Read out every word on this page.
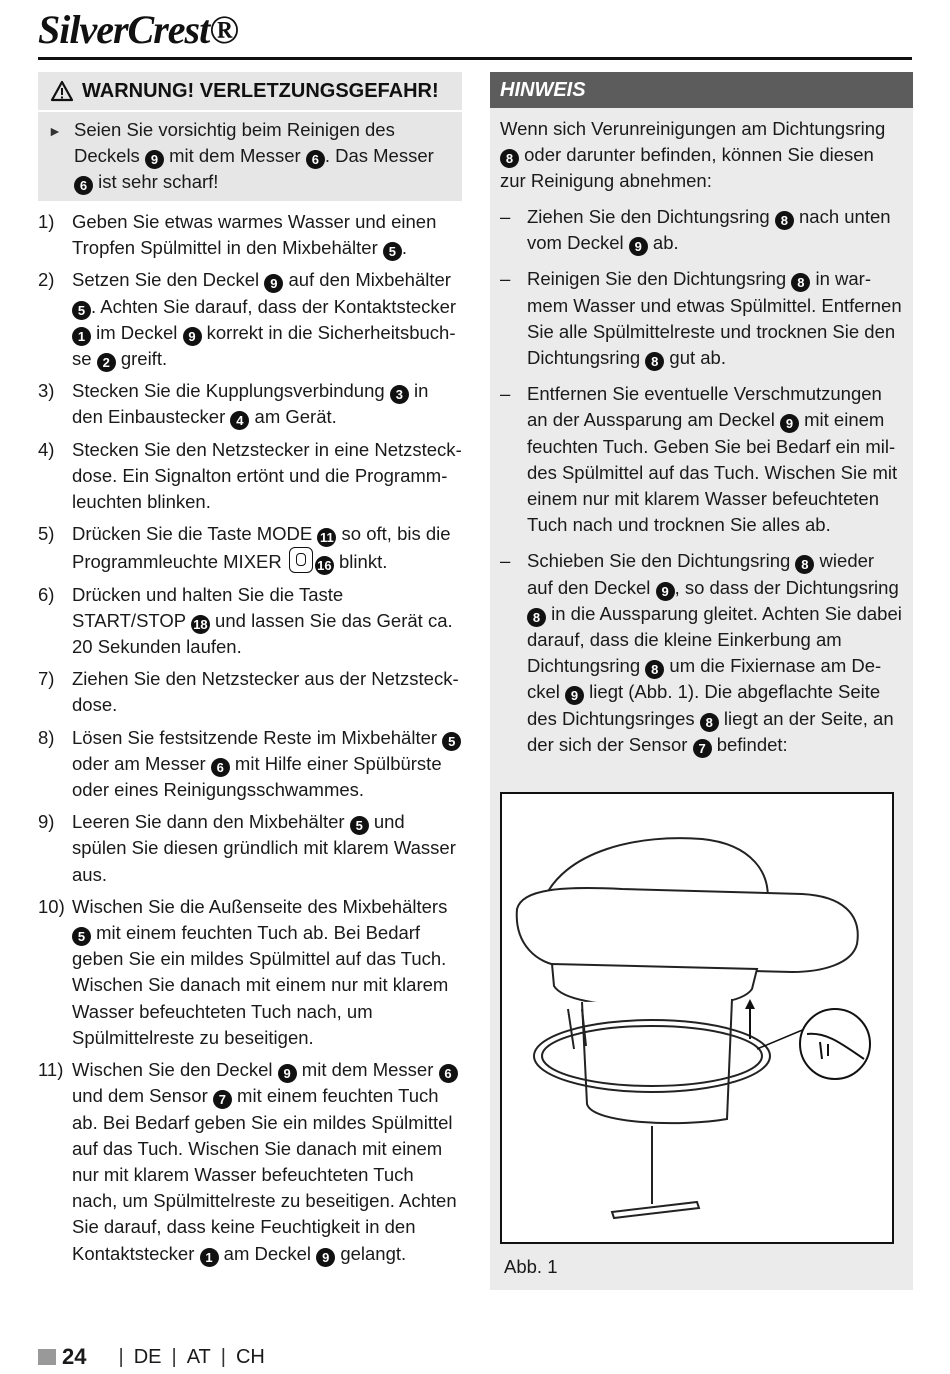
SilverCrest®
WARNUNG! VERLETZUNGSGEFAHR!
► Seien Sie vorsichtig beim Reinigen des Deckels 9 mit dem Messer 6 . Das Messer 6 ist sehr scharf!
1) Geben Sie etwas warmes Wasser und einen Tropfen Spülmittel in den Mixbehälter 5 .
2) Setzen Sie den Deckel 9 auf den Mixbehälter 5 . Achten Sie darauf, dass der Kontaktstecker 1 im Deckel 9 korrekt in die Sicherheitsbuchse 2 greift.
3) Stecken Sie die Kupplungsverbindung 3 in den Einbaustecker 4 am Gerät.
4) Stecken Sie den Netzstecker in eine Netzsteckdose. Ein Signalton ertönt und die Programmleuchten blinken.
5) Drücken Sie die Taste MODE 11 so oft, bis die Programmleuchte MIXER 16 blinkt.
6) Drücken und halten Sie die Taste START/STOP 18 und lassen Sie das Gerät ca. 20 Sekunden laufen.
7) Ziehen Sie den Netzstecker aus der Netzsteckdose.
8) Lösen Sie festsitzende Reste im Mixbehälter 5 oder am Messer 6 mit Hilfe einer Spülbürste oder eines Reinigungsschwammes.
9) Leeren Sie dann den Mixbehälter 5 und spülen Sie diesen gründlich mit klarem Wasser aus.
10) Wischen Sie die Außenseite des Mixbehälters 5 mit einem feuchten Tuch ab. Bei Bedarf geben Sie ein mildes Spülmittel auf das Tuch. Wischen Sie danach mit einem nur mit klarem Wasser befeuchteten Tuch nach, um Spülmittelreste zu beseitigen.
11) Wischen Sie den Deckel 9 mit dem Messer 6 und dem Sensor 7 mit einem feuchten Tuch ab. Bei Bedarf geben Sie ein mildes Spülmittel auf das Tuch. Wischen Sie danach mit einem nur mit klarem Wasser befeuchteten Tuch nach, um Spülmittelreste zu beseitigen. Achten Sie darauf, dass keine Feuchtigkeit in den Kontaktstecker 1 am Deckel 9 gelangt.
HINWEIS
Wenn sich Verunreinigungen am Dichtungsring 8 oder darunter befinden, können Sie diesen zur Reinigung abnehmen:
– Ziehen Sie den Dichtungsring 8 nach unten vom Deckel 9 ab.
– Reinigen Sie den Dichtungsring 8 in warmem Wasser und etwas Spülmittel. Entfernen Sie alle Spülmittelreste und trocknen Sie den Dichtungsring 8 gut ab.
– Entfernen Sie eventuelle Verschmutzungen an der Aussparung am Deckel 9 mit einem feuchten Tuch. Geben Sie bei Bedarf ein mildes Spülmittel auf das Tuch. Wischen Sie mit einem nur mit klarem Wasser befeuchteten Tuch nach und trocknen Sie alles ab.
– Schieben Sie den Dichtungsring 8 wieder auf den Deckel 9 , so dass der Dichtungsring 8 in die Aussparung gleitet. Achten Sie dabei darauf, dass die kleine Einkerbung am Dichtungsring 8 um die Fixiernase am Deckel 9 liegt (Abb. 1). Die abgeflachte Seite des Dichtungsringes 8 liegt an der Seite, an der sich der Sensor 7 befindet:
Abb. 1
24 | DE | AT | CH
